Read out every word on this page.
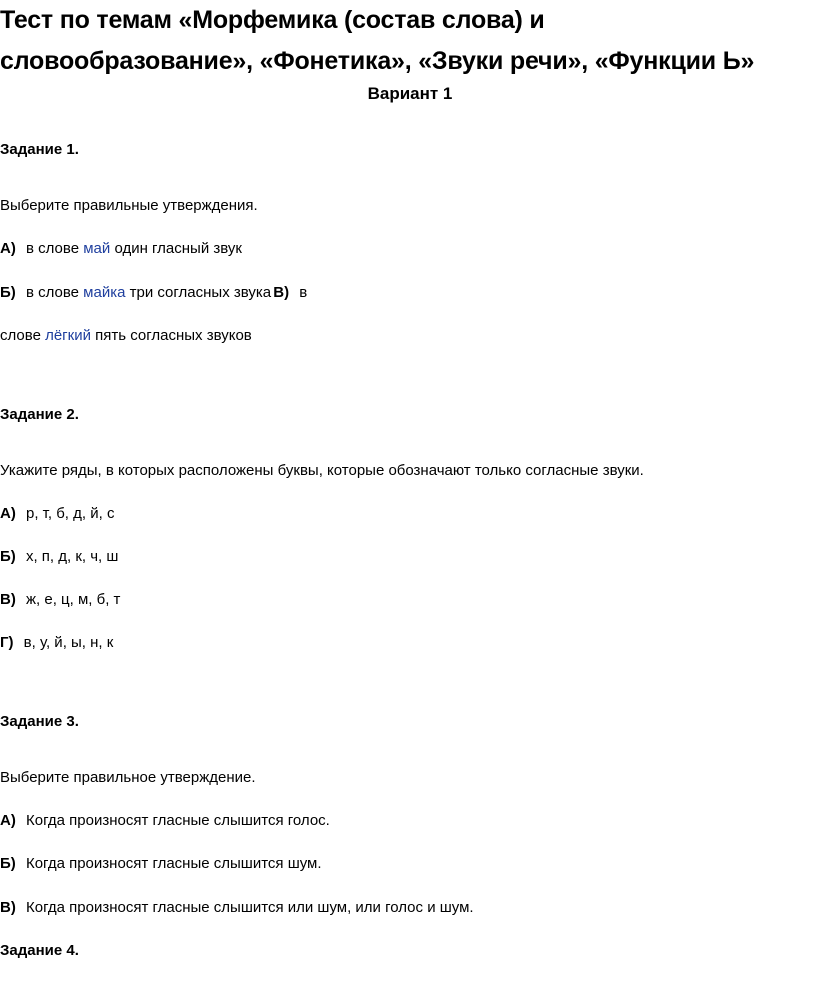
Тест по темам «Морфемика (состав слова) и словообразование», «Фонетика», «Звуки речи», «Функции Ь»
Вариант 1
Задание 1.
Выберите правильные утверждения.
А) в слове май один гласный звук
Б) в слове майка три согласных звука В) в
слове лёгкий пять согласных звуков
Задание 2.
Укажите ряды, в которых расположены буквы, которые обозначают только согласные звуки.
А) р, т, б, д, й, с
Б) х, п, д, к, ч, ш
В) ж, е, ц, м, б, т
Г) в, у, й, ы, н, к
Задание 3.
Выберите правильное утверждение.
А) Когда произносят гласные слышится голос.
Б) Когда произносят гласные слышится шум.
В) Когда произносят гласные слышится или шум, или голос и шум.
Задание 4.
